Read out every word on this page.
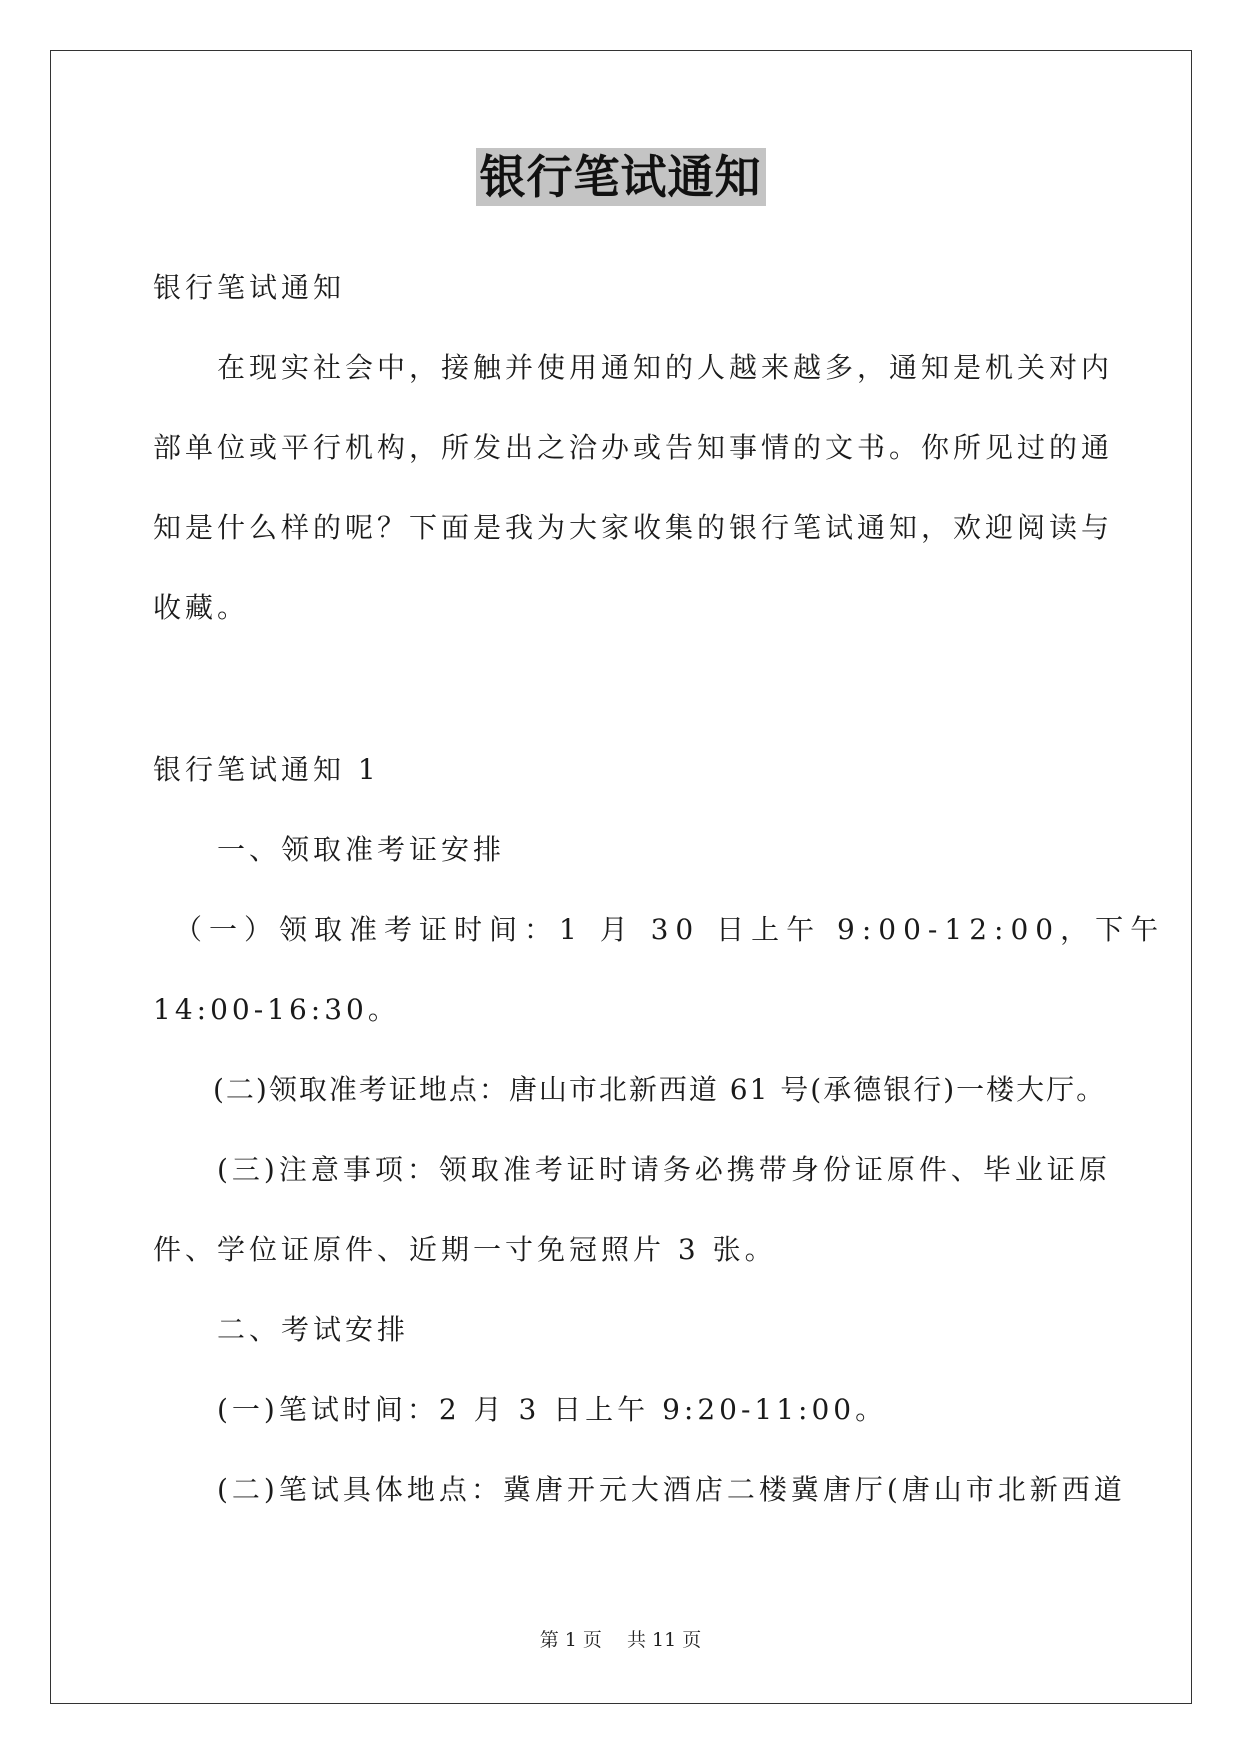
银行笔试通知

银行笔试通知

　　在现实社会中，接触并使用通知的人越来越多，通知是机关对内

部单位或平行机构，所发出之洽办或告知事情的文书。你所见过的通

知是什么样的呢？下面是我为大家收集的银行笔试通知，欢迎阅读与

收藏。

银行笔试通知 1

　　一、领取准考证安排

　（一）领取准考证时间：1 月 30 日上午 9:00-12:00，下午

14:00-16:30。

　　(二)领取准考证地点：唐山市北新西道 61 号(承德银行)一楼大厅。

　　(三)注意事项：领取准考证时请务必携带身份证原件、毕业证原

件、学位证原件、近期一寸免冠照片 3 张。

　　二、考试安排

　　(一)笔试时间：2 月 3 日上午 9:20-11:00。

　　(二)笔试具体地点：冀唐开元大酒店二楼冀唐厅(唐山市北新西道

第 1 页　 共 11 页
